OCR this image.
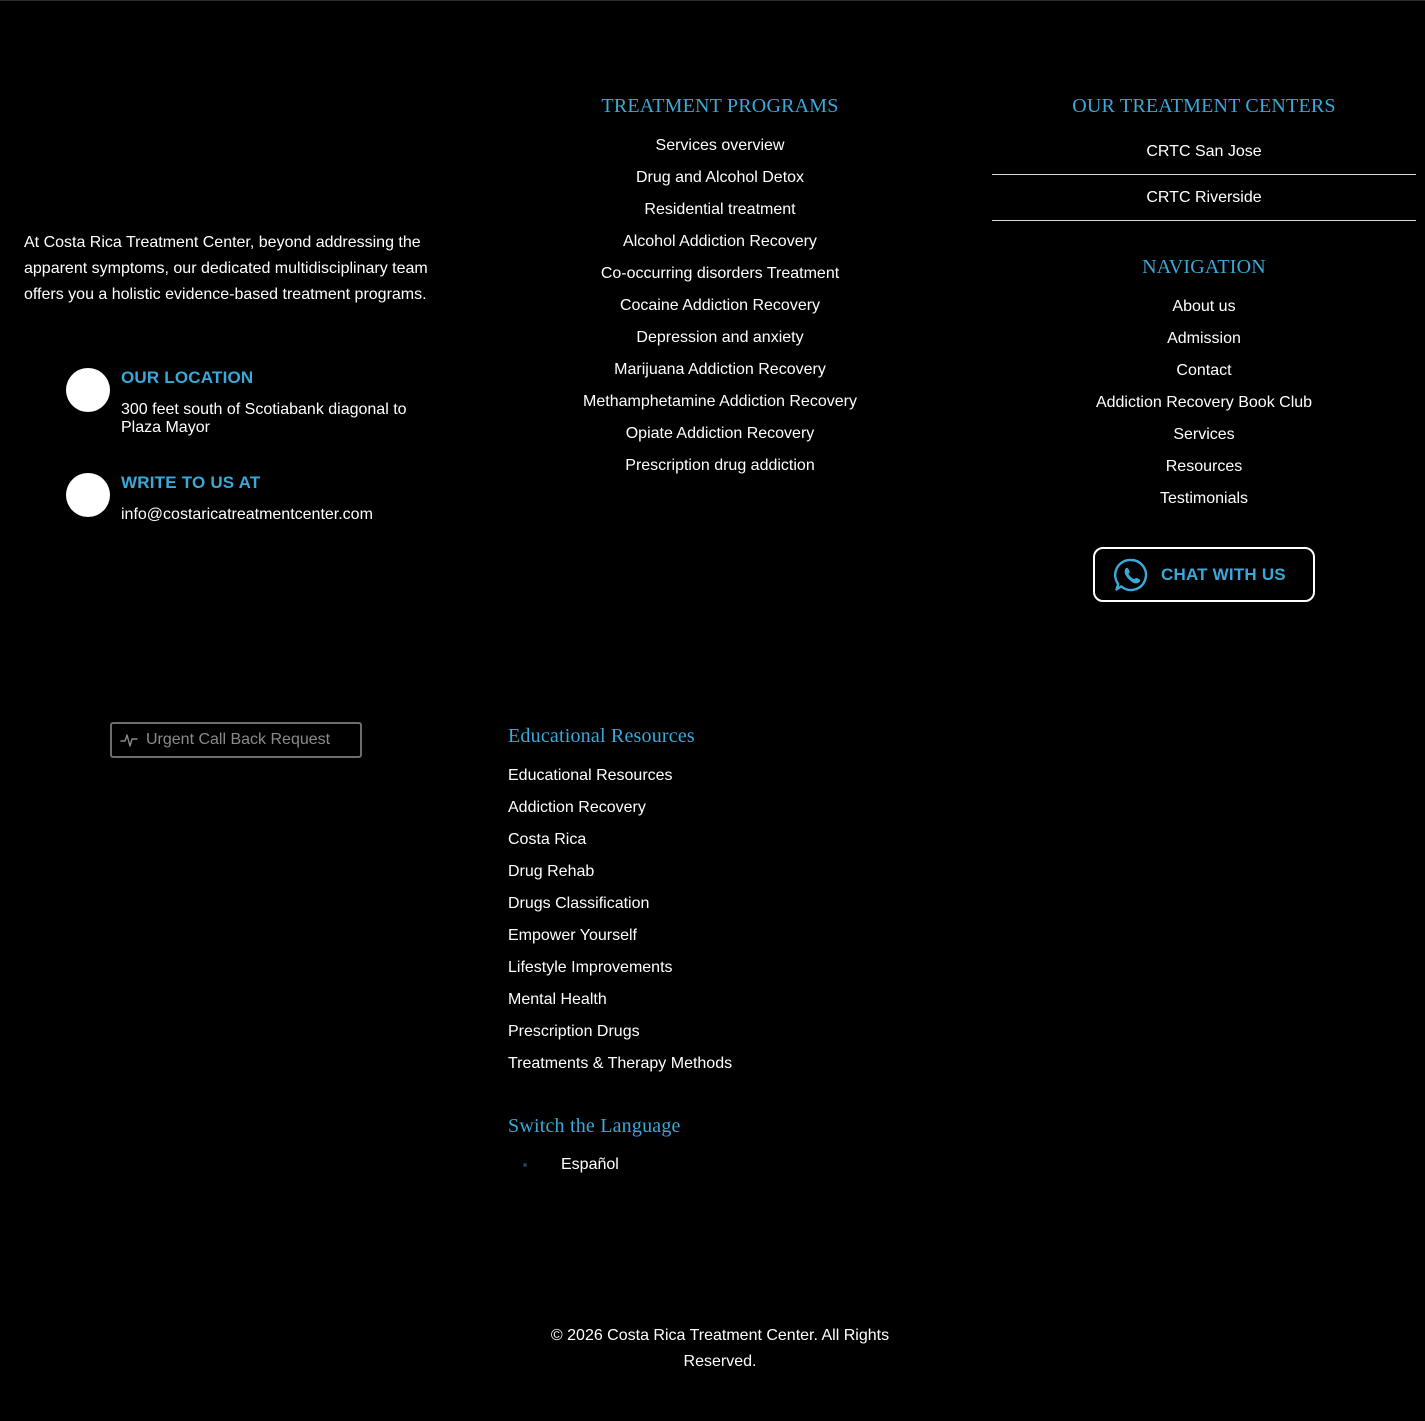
At Costa Rica Treatment Center, beyond addressing the apparent symptoms, our dedicated multidisciplinary team offers you a holistic evidence-based treatment programs.

OUR LOCATION
300 feet south of Scotiabank diagonal to Plaza Mayor
WRITE TO US AT
info@costaricatreatmentcenter.com
TREATMENT PROGRAMS
Services overview
Drug and Alcohol Detox
Residential treatment
Alcohol Addiction Recovery
Co-occurring disorders Treatment
Cocaine Addiction Recovery
Depression and anxiety
Marijuana Addiction Recovery
Methamphetamine Addiction Recovery
Opiate Addiction Recovery
Prescription drug addiction
OUR TREATMENT CENTERS
CRTC San Jose
CRTC Riverside
NAVIGATION
About us
Admission
Contact
Addiction Recovery Book Club
Services
Resources
Testimonials
CHAT WITH US
Urgent Call Back Request	Educational Resources
Educational Resources
Addiction Recovery
Costa Rica
Drug Rehab
Drugs Classification
Empower Yourself
Lifestyle Improvements
Mental Health
Prescription Drugs
Treatments & Therapy Methods
Switch the Language
Español

© 2026 Costa Rica Treatment Center. All Rights Reserved.
